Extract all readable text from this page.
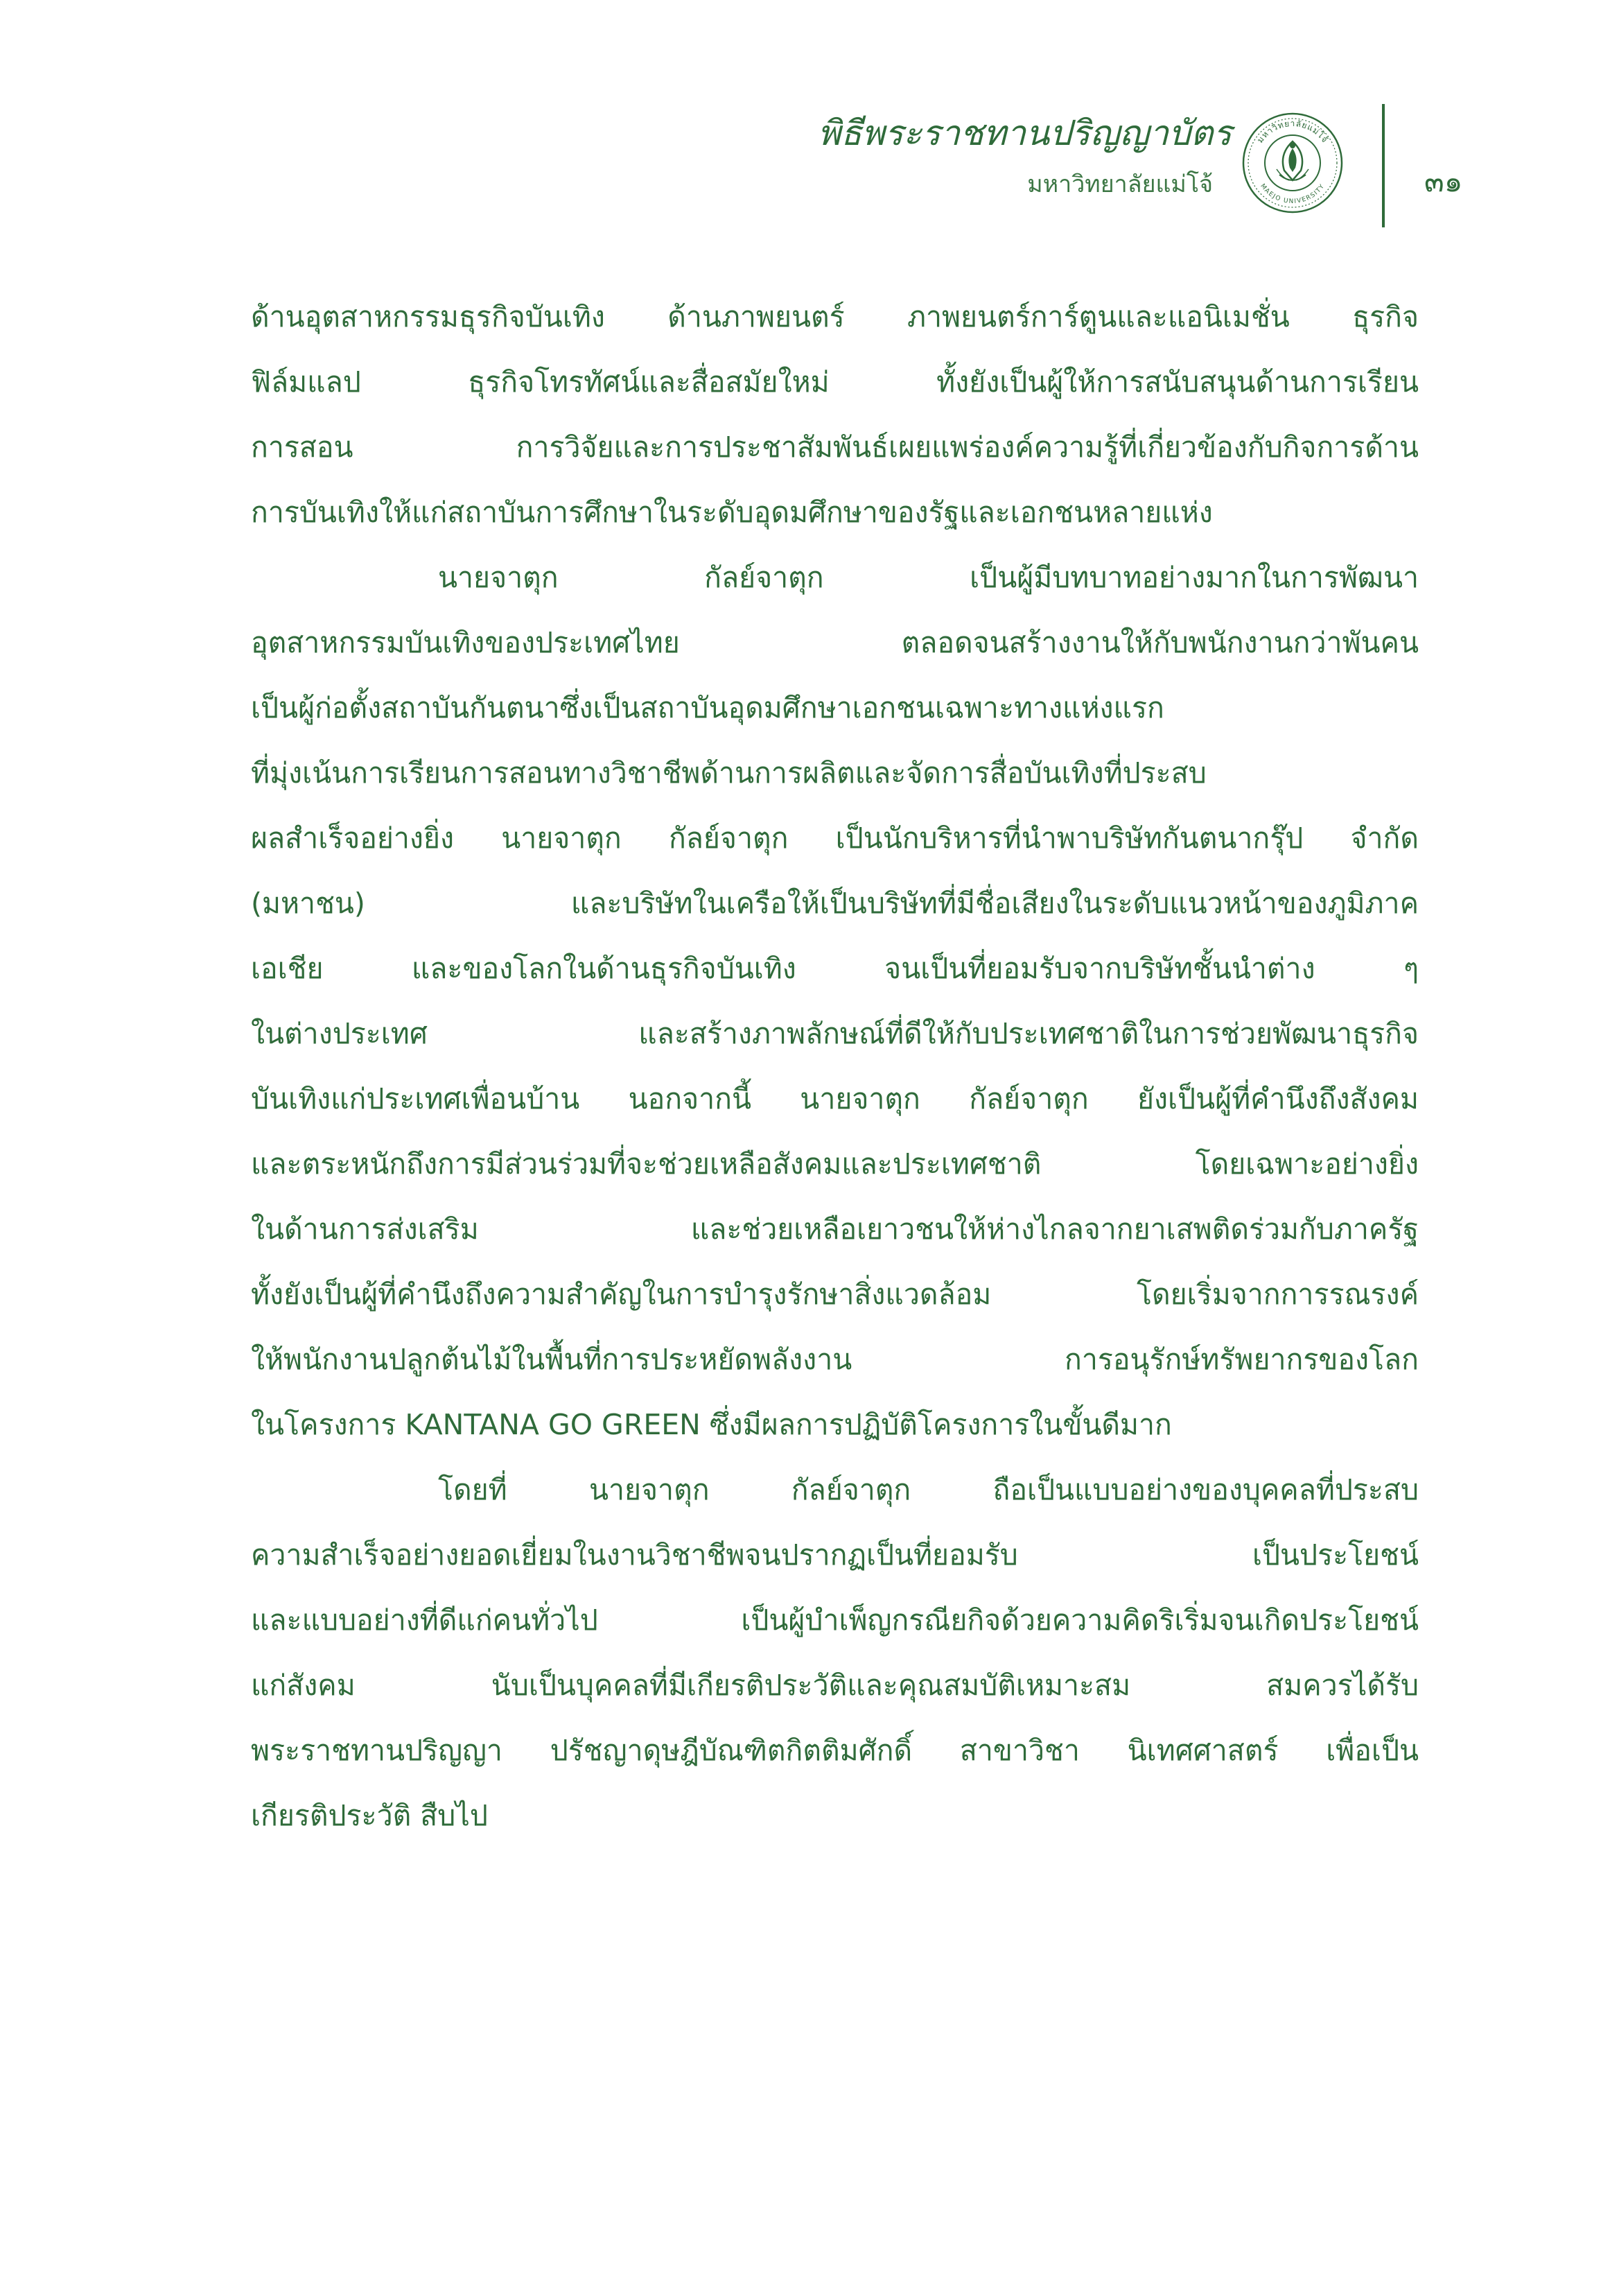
พิธีพระราชทานปริญญาบัตร
มหาวิทยาลัยแม่โจ้
มหาวิทยาลัยแม่โจ้
MAEJO UNIVERSITY	๓๑
ด้านอุตสาหกรรมธุรกิจบันเทิง ด้านภาพยนตร์ ภาพยนตร์การ์ตูนและแอนิเมชั่น ธุรกิจ
ฟิล์มแลป ธุรกิจโทรทัศน์และสื่อสมัยใหม่ ทั้งยังเป็นผู้ให้การสนับสนุนด้านการเรียน
การสอน การวิจัยและการประชาสัมพันธ์เผยแพร่องค์ความรู้ที่เกี่ยวข้องกับกิจการด้าน
การบันเทิงให้แก่สถาบันการศึกษาในระดับอุดมศึกษาของรัฐและเอกชนหลายแห่ง
นายจาตุก กัลย์จาตุก เป็นผู้มีบทบาทอย่างมากในการพัฒนา
อุตสาหกรรมบันเทิงของประเทศไทย ตลอดจนสร้างงานให้กับพนักงานกว่าพันคน
เป็นผู้ก่อตั้งสถาบันกันตนาซึ่งเป็นสถาบันอุดมศึกษาเอกชนเฉพาะทางแห่งแรก
ที่มุ่งเน้นการเรียนการสอนทางวิชาชีพด้านการผลิตและจัดการสื่อบันเทิงที่ประสบ
ผลสำเร็จอย่างยิ่ง นายจาตุก กัลย์จาตุก เป็นนักบริหารที่นำพาบริษัทกันตนากรุ๊ป จำกัด
(มหาชน) และบริษัทในเครือให้เป็นบริษัทที่มีชื่อเสียงในระดับแนวหน้าของภูมิภาค
เอเชีย และของโลกในด้านธุรกิจบันเทิง จนเป็นที่ยอมรับจากบริษัทชั้นนำต่าง ๆ
ในต่างประเทศ และสร้างภาพลักษณ์ที่ดีให้กับประเทศชาติในการช่วยพัฒนาธุรกิจ
บันเทิงแก่ประเทศเพื่อนบ้าน นอกจากนี้ นายจาตุก กัลย์จาตุก ยังเป็นผู้ที่คำนึงถึงสังคม
และตระหนักถึงการมีส่วนร่วมที่จะช่วยเหลือสังคมและประเทศชาติ โดยเฉพาะอย่างยิ่ง
ในด้านการส่งเสริม และช่วยเหลือเยาวชนให้ห่างไกลจากยาเสพติดร่วมกับภาครัฐ
ทั้งยังเป็นผู้ที่คำนึงถึงความสำคัญในการบำรุงรักษาสิ่งแวดล้อม โดยเริ่มจากการรณรงค์
ให้พนักงานปลูกต้นไม้ในพื้นที่การประหยัดพลังงาน การอนุรักษ์ทรัพยากรของโลก
ในโครงการ KANTANA GO GREEN ซึ่งมีผลการปฏิบัติโครงการในขั้นดีมาก
โดยที่ นายจาตุก กัลย์จาตุก ถือเป็นแบบอย่างของบุคคลที่ประสบ
ความสำเร็จอย่างยอดเยี่ยมในงานวิชาชีพจนปรากฏเป็นที่ยอมรับ เป็นประโยชน์
และแบบอย่างที่ดีแก่คนทั่วไป เป็นผู้บำเพ็ญกรณียกิจด้วยความคิดริเริ่มจนเกิดประโยชน์
แก่สังคม นับเป็นบุคคลที่มีเกียรติประวัติและคุณสมบัติเหมาะสม สมควรได้รับ
พระราชทานปริญญา ปรัชญาดุษฎีบัณฑิตกิตติมศักดิ์ สาขาวิชา นิเทศศาสตร์ เพื่อเป็น
เกียรติประวัติ สืบไป
